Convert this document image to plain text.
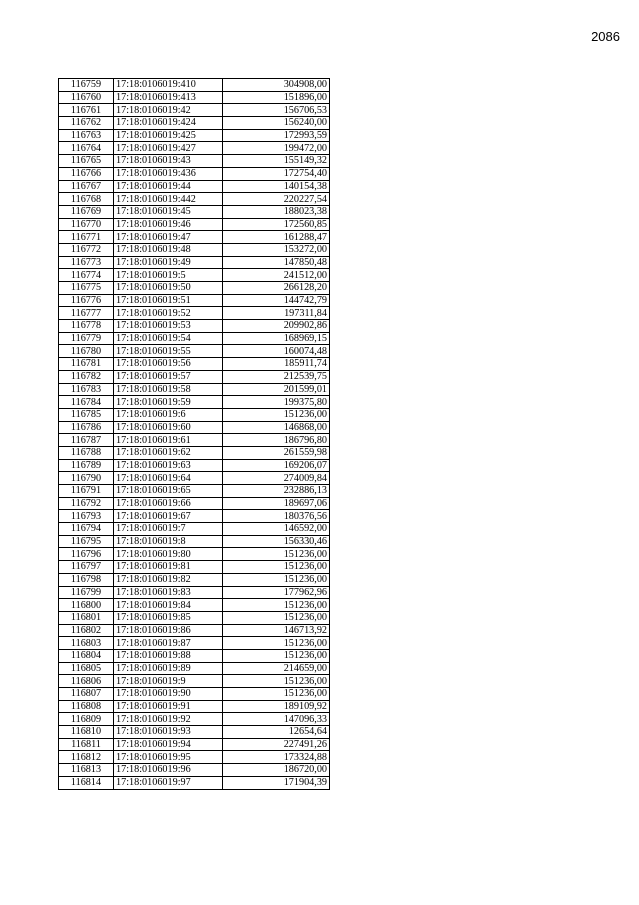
2086
116759	17:18:0106019:410	304908,00
116760	17:18:0106019:413	151896,00
116761	17:18:0106019:42	156706,53
116762	17:18:0106019:424	156240,00
116763	17:18:0106019:425	172993,59
116764	17:18:0106019:427	199472,00
116765	17:18:0106019:43	155149,32
116766	17:18:0106019:436	172754,40
116767	17:18:0106019:44	140154,38
116768	17:18:0106019:442	220227,54
116769	17:18:0106019:45	188023,38
116770	17:18:0106019:46	172560,85
116771	17:18:0106019:47	161288,47
116772	17:18:0106019:48	153272,00
116773	17:18:0106019:49	147850,48
116774	17:18:0106019:5	241512,00
116775	17:18:0106019:50	266128,20
116776	17:18:0106019:51	144742,79
116777	17:18:0106019:52	197311,84
116778	17:18:0106019:53	209902,86
116779	17:18:0106019:54	168969,15
116780	17:18:0106019:55	160074,48
116781	17:18:0106019:56	185911,74
116782	17:18:0106019:57	212539,75
116783	17:18:0106019:58	201599,01
116784	17:18:0106019:59	199375,80
116785	17:18:0106019:6	151236,00
116786	17:18:0106019:60	146868,00
116787	17:18:0106019:61	186796,80
116788	17:18:0106019:62	261559,98
116789	17:18:0106019:63	169206,07
116790	17:18:0106019:64	274009,84
116791	17:18:0106019:65	232886,13
116792	17:18:0106019:66	189697,06
116793	17:18:0106019:67	180376,56
116794	17:18:0106019:7	146592,00
116795	17:18:0106019:8	156330,46
116796	17:18:0106019:80	151236,00
116797	17:18:0106019:81	151236,00
116798	17:18:0106019:82	151236,00
116799	17:18:0106019:83	177962,96
116800	17:18:0106019:84	151236,00
116801	17:18:0106019:85	151236,00
116802	17:18:0106019:86	146713,92
116803	17:18:0106019:87	151236,00
116804	17:18:0106019:88	151236,00
116805	17:18:0106019:89	214659,00
116806	17:18:0106019:9	151236,00
116807	17:18:0106019:90	151236,00
116808	17:18:0106019:91	189109,92
116809	17:18:0106019:92	147096,33
116810	17:18:0106019:93	12654,64
116811	17:18:0106019:94	227491,26
116812	17:18:0106019:95	173324,88
116813	17:18:0106019:96	186720,00
116814	17:18:0106019:97	171904,39
